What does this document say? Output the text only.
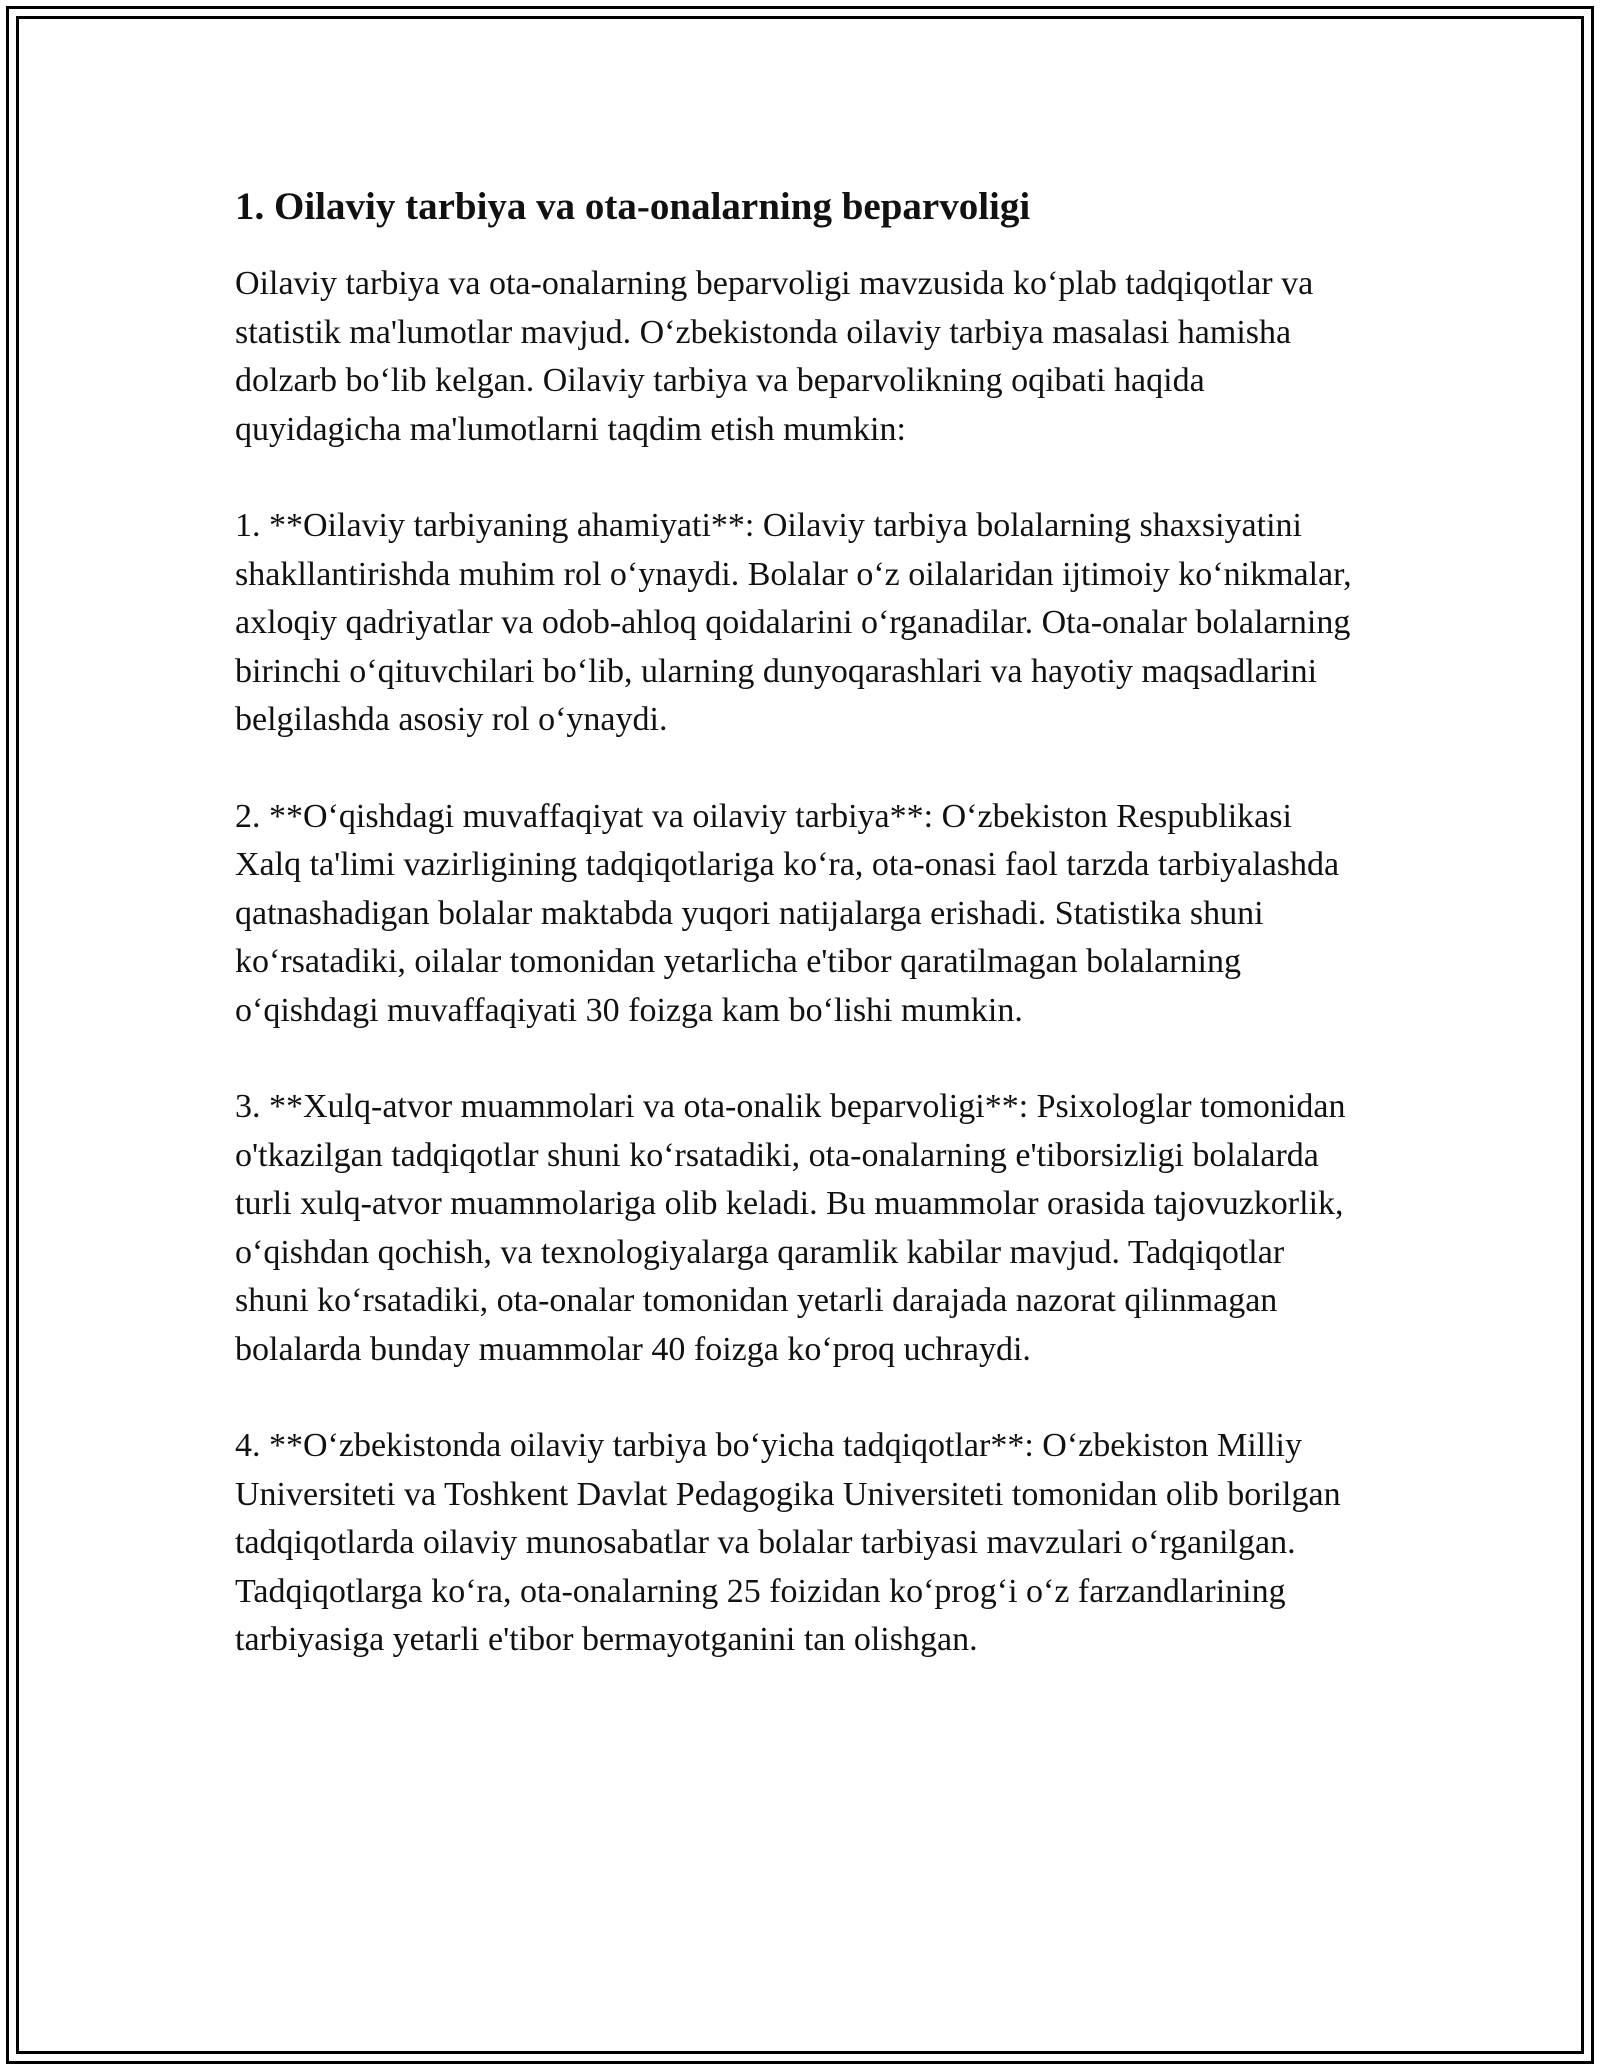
1. Oilaviy tarbiya va ota-onalarning beparvoligi

Oilaviy tarbiya va ota-onalarning beparvoligi mavzusida ko‘plab tadqiqotlar va statistik ma'lumotlar mavjud. O‘zbekistonda oilaviy tarbiya masalasi hamisha dolzarb bo‘lib kelgan. Oilaviy tarbiya va beparvolikning oqibati haqida quyidagicha ma'lumotlarni taqdim etish mumkin:

1. **Oilaviy tarbiyaning ahamiyati**: Oilaviy tarbiya bolalarning shaxsiyatini shakllantirishda muhim rol o‘ynaydi. Bolalar o‘z oilalaridan ijtimoiy ko‘nikmalar, axloqiy qadriyatlar va odob-ahloq qoidalarini o‘rganadilar. Ota-onalar bolalarning birinchi o‘qituvchilari bo‘lib, ularning dunyoqarashlari va hayotiy maqsadlarini belgilashda asosiy rol o‘ynaydi.

2. **O‘qishdagi muvaffaqiyat va oilaviy tarbiya**: O‘zbekiston Respublikasi Xalq ta'limi vazirligining tadqiqotlariga ko‘ra, ota-onasi faol tarzda tarbiyalashda qatnashadigan bolalar maktabda yuqori natijalarga erishadi. Statistika shuni ko‘rsatadiki, oilalar tomonidan yetarlicha e'tibor qaratilmagan bolalarning o‘qishdagi muvaffaqiyati 30 foizga kam bo‘lishi mumkin.

3. **Xulq-atvor muammolari va ota-onalik beparvoligi**: Psixologlar tomonidan o'tkazilgan tadqiqotlar shuni ko‘rsatadiki, ota-onalarning e'tiborsizligi bolalarda turli xulq-atvor muammolariga olib keladi. Bu muammolar orasida tajovuzkorlik, o‘qishdan qochish, va texnologiyalarga qaramlik kabilar mavjud. Tadqiqotlar shuni ko‘rsatadiki, ota-onalar tomonidan yetarli darajada nazorat qilinmagan bolalarda bunday muammolar 40 foizga ko‘proq uchraydi.

4. **O‘zbekistonda oilaviy tarbiya bo‘yicha tadqiqotlar**: O‘zbekiston Milliy Universiteti va Toshkent Davlat Pedagogika Universiteti tomonidan olib borilgan tadqiqotlarda oilaviy munosabatlar va bolalar tarbiyasi mavzulari o‘rganilgan. Tadqiqotlarga ko‘ra, ota-onalarning 25 foizidan ko‘prog‘i o‘z farzandlarining tarbiyasiga yetarli e'tibor bermayotganini tan olishgan.
